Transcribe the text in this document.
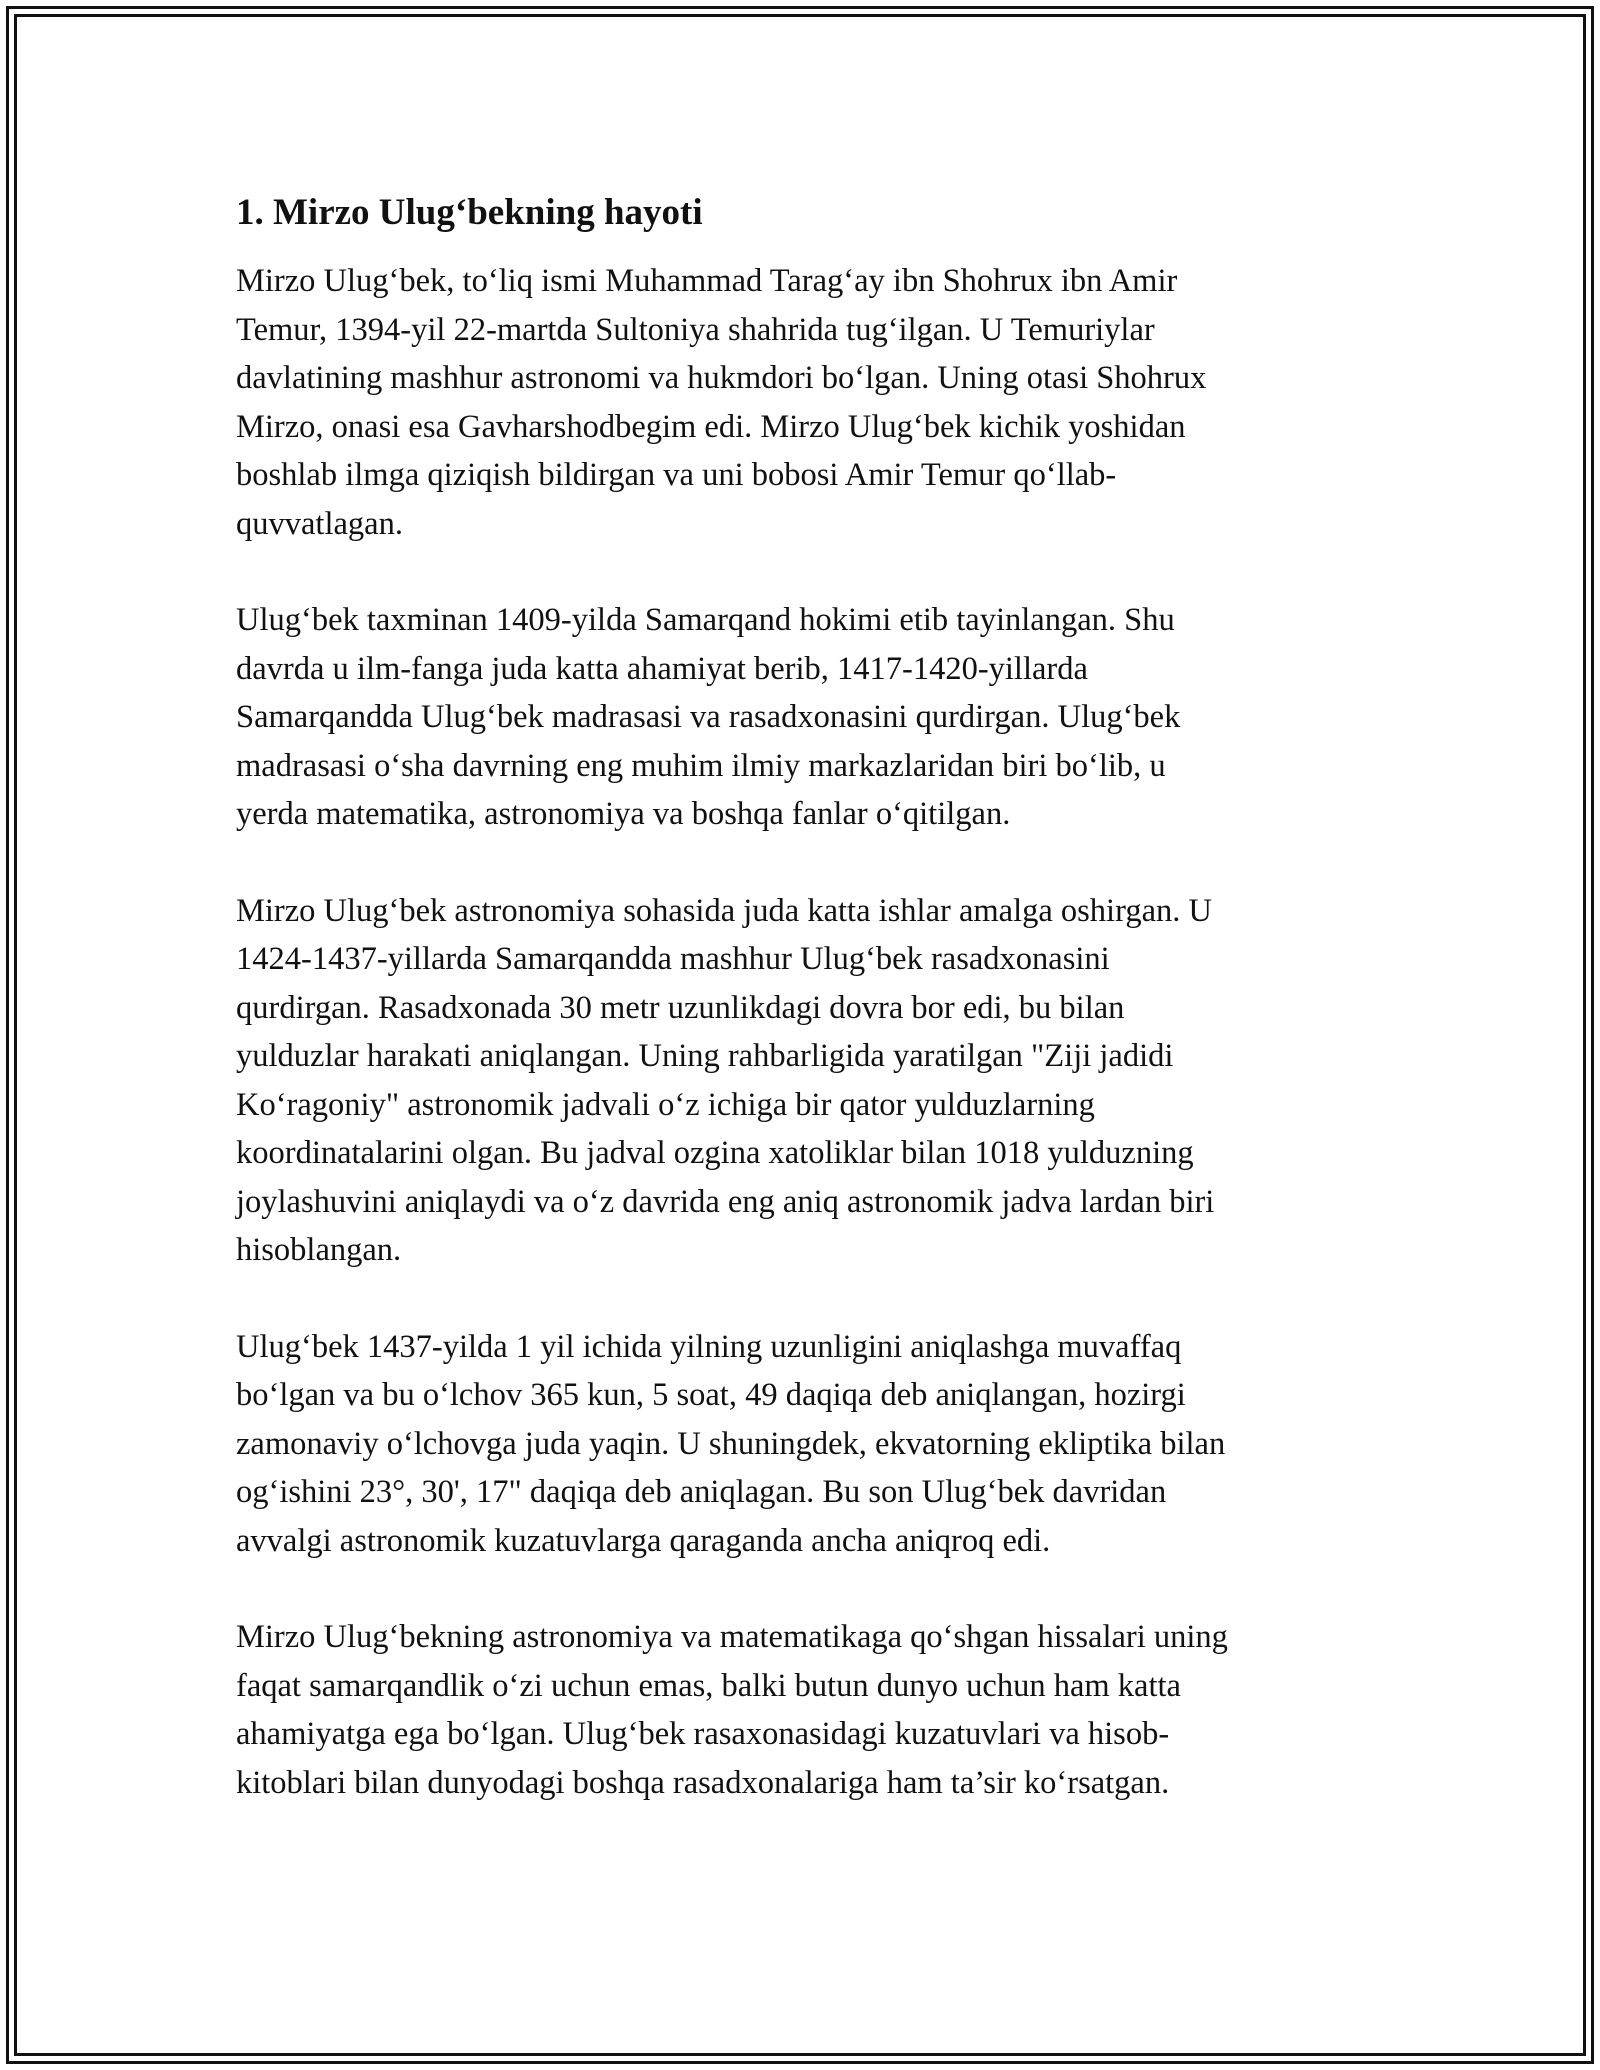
1. Mirzo Ulug‘bekning hayoti

Mirzo Ulug‘bek, to‘liq ismi Muhammad Tarag‘ay ibn Shohrux ibn Amir
Temur, 1394-yil 22-martda Sultoniya shahrida tug‘ilgan. U Temuriylar
davlatining mashhur astronomi va hukmdori bo‘lgan. Uning otasi Shohrux
Mirzo, onasi esa Gavharshodbegim edi. Mirzo Ulug‘bek kichik yoshidan
boshlab ilmga qiziqish bildirgan va uni bobosi Amir Temur qo‘llab-
quvvatlagan.

Ulug‘bek taxminan 1409-yilda Samarqand hokimi etib tayinlangan. Shu
davrda u ilm-fanga juda katta ahamiyat berib, 1417-1420-yillarda
Samarqandda Ulug‘bek madrasasi va rasadxonasini qurdirgan. Ulug‘bek
madrasasi o‘sha davrning eng muhim ilmiy markazlaridan biri bo‘lib, u
yerda matematika, astronomiya va boshqa fanlar o‘qitilgan.

Mirzo Ulug‘bek astronomiya sohasida juda katta ishlar amalga oshirgan. U
1424-1437-yillarda Samarqandda mashhur Ulug‘bek rasadxonasini
qurdirgan. Rasadxonada 30 metr uzunlikdagi dovra bor edi, bu bilan
yulduzlar harakati aniqlangan. Uning rahbarligida yaratilgan "Ziji jadidi
Ko‘ragoniy" astronomik jadvali o‘z ichiga bir qator yulduzlarning
koordinatalarini olgan. Bu jadval ozgina xatoliklar bilan 1018 yulduzning
joylashuvini aniqlaydi va o‘z davrida eng aniq astronomik jadva lardan biri
hisoblangan.

Ulug‘bek 1437-yilda 1 yil ichida yilning uzunligini aniqlashga muvaffaq
bo‘lgan va bu o‘lchov 365 kun, 5 soat, 49 daqiqa deb aniqlangan, hozirgi
zamonaviy o‘lchovga juda yaqin. U shuningdek, ekvatorning ekliptika bilan
og‘ishini 23°, 30', 17" daqiqa deb aniqlagan. Bu son Ulug‘bek davridan
avvalgi astronomik kuzatuvlarga qaraganda ancha aniqroq edi.

Mirzo Ulug‘bekning astronomiya va matematikaga qo‘shgan hissalari uning
faqat samarqandlik o‘zi uchun emas, balki butun dunyo uchun ham katta
ahamiyatga ega bo‘lgan. Ulug‘bek rasaxonasidagi kuzatuvlari va hisob-
kitoblari bilan dunyodagi boshqa rasadxonalariga ham ta’sir ko‘rsatgan.
